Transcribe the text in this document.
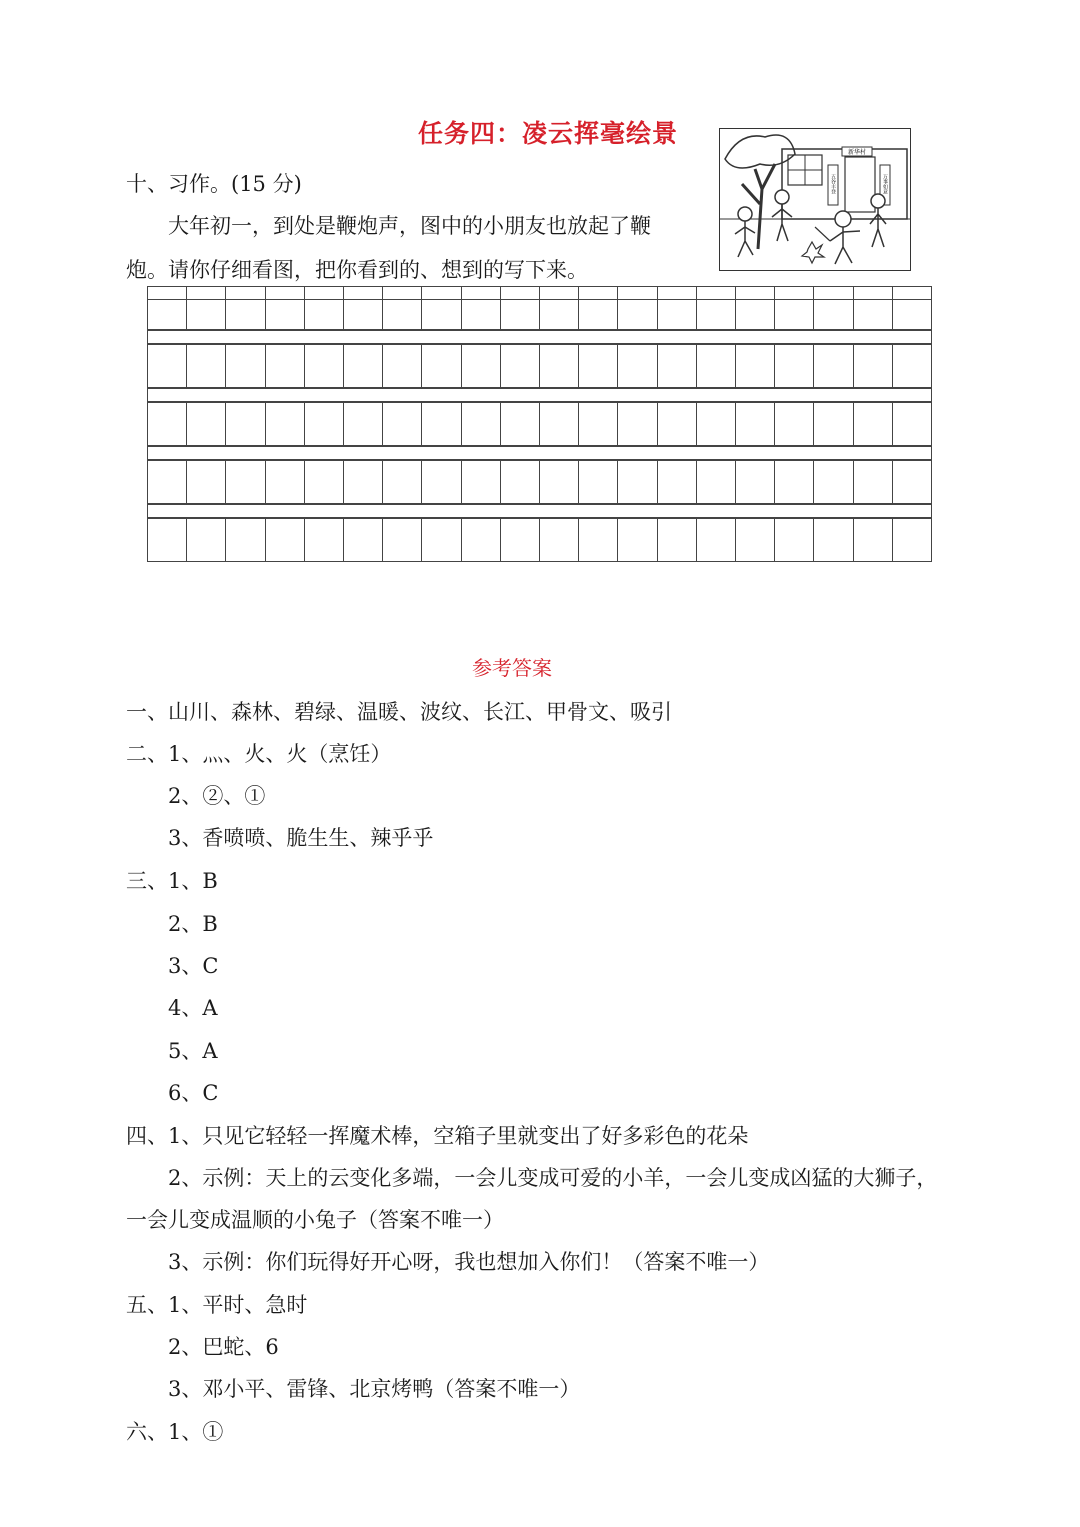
任务四：凌云挥毫绘景
十、习作。(15 分)
大年初一，到处是鞭炮声，图中的小朋友也放起了鞭
炮。请你仔细看图，把你看到的、想到的写下来。
新华村
五谷丰登	万事如意
参考答案
一、山川、森林、碧绿、温暖、波纹、长江、甲骨文、吸引
二、1、灬、火、火（烹饪）
2、②、①
3、香喷喷、脆生生、辣乎乎
三、1、B
2、B
3、C
4、A
5、A
6、C
四、1、只见它轻轻一挥魔术棒，空箱子里就变出了好多彩色的花朵
2、示例：天上的云变化多端，一会儿变成可爱的小羊，一会儿变成凶猛的大狮子，
一会儿变成温顺的小兔子（答案不唯一）
3、示例：你们玩得好开心呀，我也想加入你们！（答案不唯一）
五、1、平时、急时
2、巴蛇、6
3、邓小平、雷锋、北京烤鸭（答案不唯一）
六、1、①
